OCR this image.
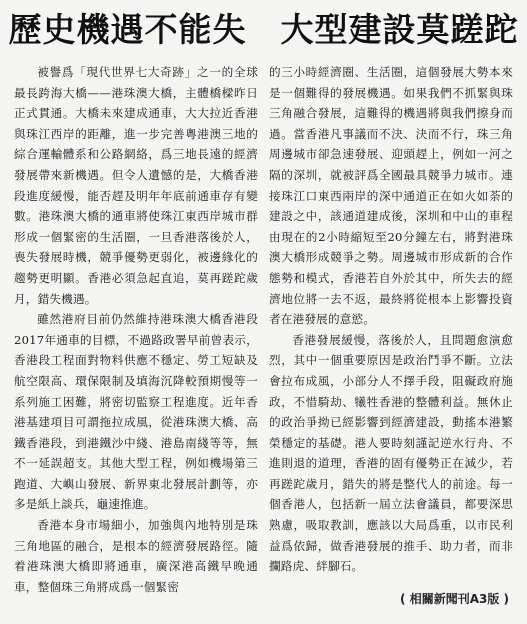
歷史機遇不能失 大型建設莫蹉跎

被譽爲「現代世界七大奇跡」之一的全球最長跨海大橋——港珠澳大橋，主體橋樑昨日正式貫通。大橋未來建成通車，大大拉近香港與珠江西岸的距離，進一步完善粵港澳三地的綜合運輸體系和公路網絡，爲三地長遠的經濟發展帶來新機遇。但令人遺憾的是，大橋香港段進度緩慢，能否趕及明年年底前通車存有變數。港珠澳大橋的通車將使珠江東西岸城市群形成一個緊密的生活圈，一旦香港落後於人，喪失發展時機，競爭優勢更弱化，被邊緣化的趨勢更明顯。香港必須急起直追，莫再蹉跎歲月，錯失機遇。

雖然港府目前仍然維持港珠澳大橋香港段2017年通車的目標，不過路政署早前曾表示，香港段工程面對物料供應不穩定、勞工短缺及航空限高、環保限制及填海沉降較預期慢等一系列施工困難，將密切監察工程進度。近年香港基建項目可謂拖拉成風，從港珠澳大橋、高鐵香港段，到港鐵沙中綫、港島南綫等等，無不一延誤超支。其他大型工程，例如機場第三跑道、大嶼山發展、新界東北發展計劃等，亦多是紙上談兵，龜速推進。

香港本身市場細小，加強與內地特別是珠三角地區的融合，是根本的經濟發展路徑。隨着港珠澳大橋即將通車，廣深港高鐵早晚通車，整個珠三角將成爲一個緊密

的三小時經濟圈、生活圈，這個發展大勢本來是一個難得的發展機遇。如果我們不抓緊與珠三角融合發展，這難得的機遇將與我們擦身而過。當香港凡事議而不決、決而不行，珠三角周邊城市卻急速發展、迎頭趕上，例如一河之隔的深圳，就被評爲全國最具競爭力城市。連接珠江口東西兩岸的深中通道正在如火如荼的建設之中，該通道建成後，深圳和中山的車程由現在的2小時縮短至20分鐘左右，將對港珠澳大橋形成競爭之勢。周邊城市形成新的合作態勢和模式，香港若自外於其中，所失去的經濟地位將一去不返，最終將從根本上影響投資者在港發展的意慾。

香港發展緩慢，落後於人，且問題愈演愈烈，其中一個重要原因是政治鬥爭不斷。立法會拉布成風，小部分人不擇手段，阻礙政府施政，不惜騎劫、犧牲香港的整體利益。無休止的政治爭拗已經影響到經濟建設，動搖本港繁榮穩定的基礎。港人要時刻謹記逆水行舟、不進則退的道理，香港的固有優勢正在減少，若再蹉跎歲月，錯失的將是整代人的前途。每一個香港人，包括新一屆立法會議員，都要深思熟慮，吸取教訓，應該以大局爲重，以市民利益爲依歸，做香港發展的推手、助力者，而非攔路虎、絆腳石。

( 相關新聞刊A3版 )
